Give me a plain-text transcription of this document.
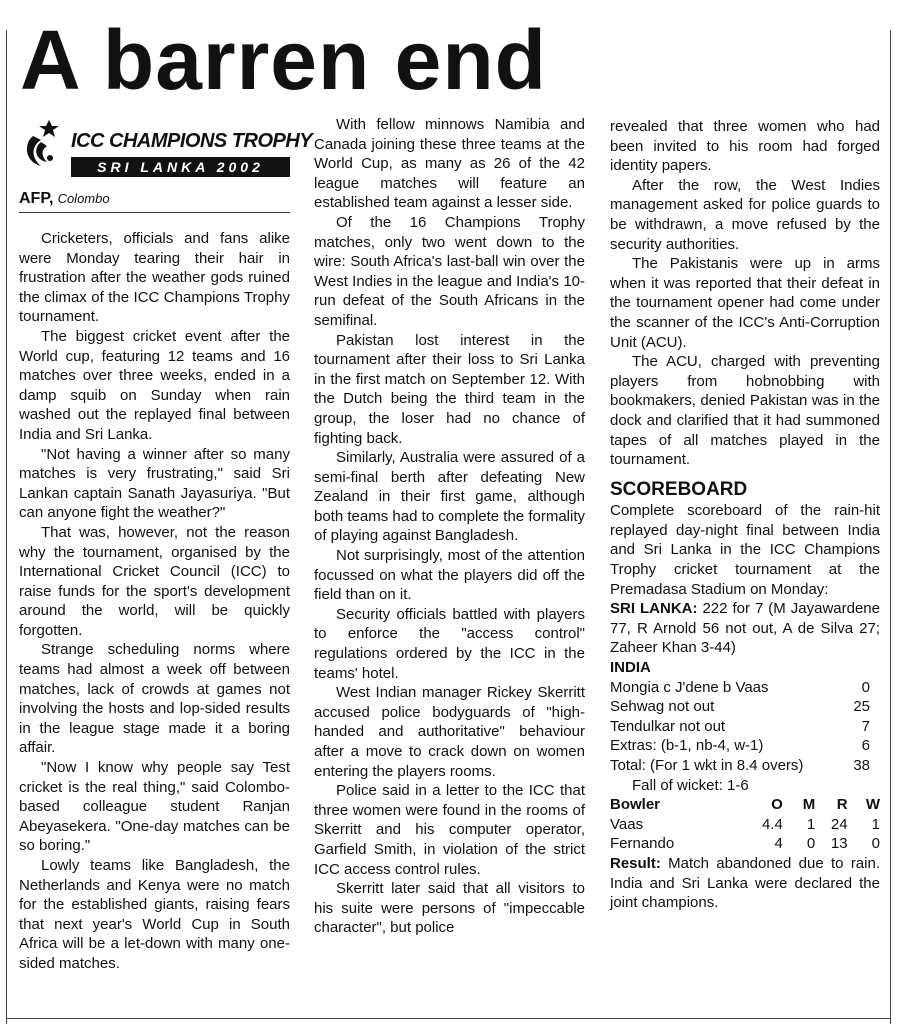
A barren end
ICC CHAMPIONS TROPHY
SRI LANKA 2002
AFP, Colombo

Cricketers, officials and fans alike were Monday tearing their hair in frustration after the weather gods ruined the climax of the ICC Champions Trophy tournament.

The biggest cricket event after the World cup, featuring 12 teams and 16 matches over three weeks, ended in a damp squib on Sunday when rain washed out the replayed final between India and Sri Lanka.

"Not having a winner after so many matches is very frustrating," said Sri Lankan captain Sanath Jayasuriya. "But can anyone fight the weather?"

That was, however, not the reason why the tournament, organised by the International Cricket Council (ICC) to raise funds for the sport's development around the world, will be quickly forgotten.

Strange scheduling norms where teams had almost a week off between matches, lack of crowds at games not involving the hosts and lop-sided results in the league stage made it a boring affair.

"Now I know why people say Test cricket is the real thing," said Colombo-based colleague student Ranjan Abeyasekera. "One-day matches can be so boring."

Lowly teams like Bangladesh, the Netherlands and Kenya were no match for the established giants, raising fears that next year's World Cup in South Africa will be a let-down with many one-sided matches.

With fellow minnows Namibia and Canada joining these three teams at the World Cup, as many as 26 of the 42 league matches will feature an established team against a lesser side.

Of the 16 Champions Trophy matches, only two went down to the wire: South Africa's last-ball win over the West Indies in the league and India's 10-run defeat of the South Africans in the semifinal.

Pakistan lost interest in the tournament after their loss to Sri Lanka in the first match on September 12. With the Dutch being the third team in the group, the loser had no chance of fighting back.

Similarly, Australia were assured of a semi-final berth after defeating New Zealand in their first game, although both teams had to complete the formality of playing against Bangladesh.

Not surprisingly, most of the attention focussed on what the players did off the field than on it.

Security officials battled with players to enforce the "access control" regulations ordered by the ICC in the teams' hotel.

West Indian manager Rickey Skerritt accused police bodyguards of "high-handed and authoritative" behaviour after a move to crack down on women entering the players rooms.

Police said in a letter to the ICC that three women were found in the rooms of Skerritt and his computer operator, Garfield Smith, in violation of the strict ICC access control rules.

Skerritt later said that all visitors to his suite were persons of "impeccable character", but police

revealed that three women who had been invited to his room had forged identity papers.

After the row, the West Indies management asked for police guards to be withdrawn, a move refused by the security authorities.

The Pakistanis were up in arms when it was reported that their defeat in the tournament opener had come under the scanner of the ICC's Anti-Corruption Unit (ACU).

The ACU, charged with preventing players from hobnobbing with bookmakers, denied Pakistan was in the dock and clarified that it had summoned tapes of all matches played in the tournament.

SCOREBOARD

Complete scoreboard of the rain-hit replayed day-night final between India and Sri Lanka in the ICC Champions Trophy cricket tournament at the Premadasa Stadium on Monday:

SRI LANKA: 222 for 7 (M Jayawardene 77, R Arnold 56 not out, A de Silva 27; Zaheer Khan 3-44)

INDIA
Mongia c J'dene b Vaas	0
Sehwag not out	25
Tendulkar not out	7
Extras: (b-1, nb-4, w-1)	6
Total: (For 1 wkt in 8.4 overs)	38
Fall of wicket: 1-6
Bowler	O	M	R	W
Vaas	4.4	1	24	1
Fernando	4	0	13	0

Result: Match abandoned due to rain. India and Sri Lanka were declared the joint champions.
